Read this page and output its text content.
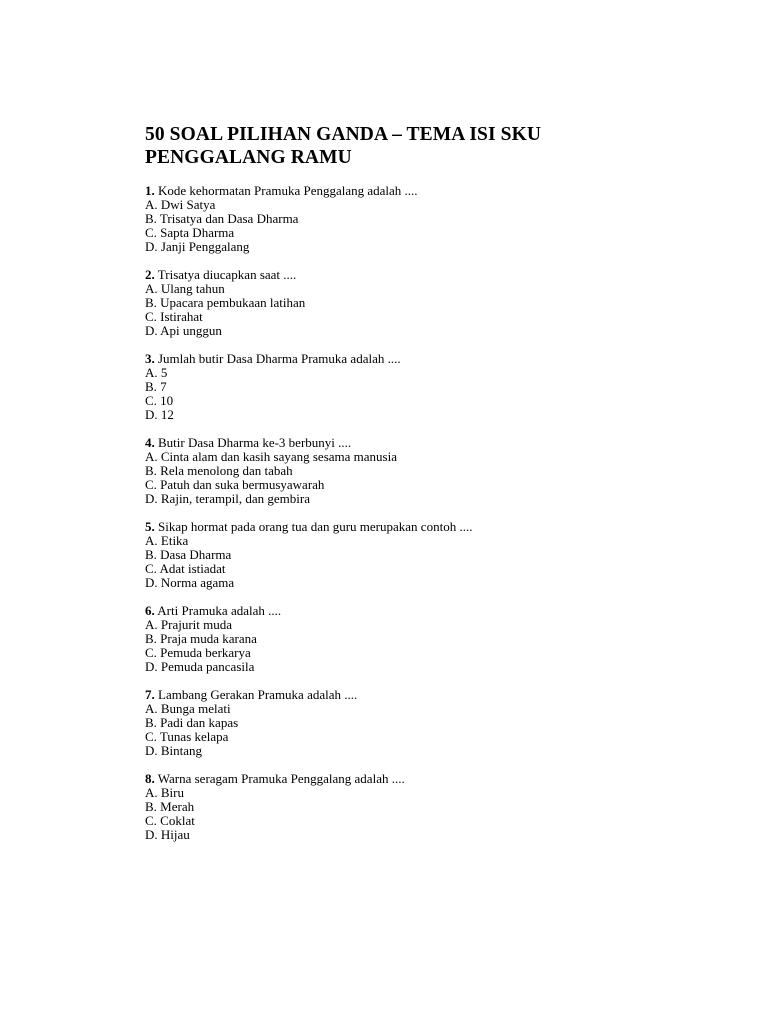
50 SOAL PILIHAN GANDA – TEMA ISI SKU
PENGGALANG RAMU
1. Kode kehormatan Pramuka Penggalang adalah ....
A. Dwi Satya
B. Trisatya dan Dasa Dharma
C. Sapta Dharma
D. Janji Penggalang
2. Trisatya diucapkan saat ....
A. Ulang tahun
B. Upacara pembukaan latihan
C. Istirahat
D. Api unggun
3. Jumlah butir Dasa Dharma Pramuka adalah ....
A. 5
B. 7
C. 10
D. 12
4. Butir Dasa Dharma ke-3 berbunyi ....
A. Cinta alam dan kasih sayang sesama manusia
B. Rela menolong dan tabah
C. Patuh dan suka bermusyawarah
D. Rajin, terampil, dan gembira
5. Sikap hormat pada orang tua dan guru merupakan contoh ....
A. Etika
B. Dasa Dharma
C. Adat istiadat
D. Norma agama
6. Arti Pramuka adalah ....
A. Prajurit muda
B. Praja muda karana
C. Pemuda berkarya
D. Pemuda pancasila
7. Lambang Gerakan Pramuka adalah ....
A. Bunga melati
B. Padi dan kapas
C. Tunas kelapa
D. Bintang
8. Warna seragam Pramuka Penggalang adalah ....
A. Biru
B. Merah
C. Coklat
D. Hijau
